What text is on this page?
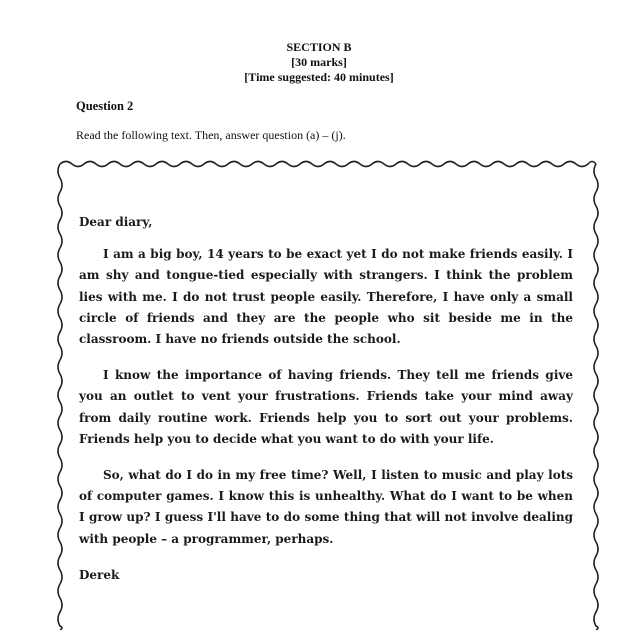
SECTION B
[30 marks]
[Time suggested: 40 minutes]
Question 2
Read the following text. Then, answer question (a) – (j).

Dear diary,

I am a big boy, 14 years to be exact yet I do not make friends easily. I am shy and tongue-tied especially with strangers. I think the problem lies with me. I do not trust people easily. Therefore, I have only a small circle of friends and they are the people who sit beside me in the classroom. I have no friends outside the school.

I know the importance of having friends. They tell me friends give you an outlet to vent your frustrations. Friends take your mind away from daily routine work. Friends help you to sort out your problems. Friends help you to decide what you want to do with your life.

So, what do I do in my free time? Well, I listen to music and play lots of computer games. I know this is unhealthy. What do I want to be when I grow up? I guess I'll have to do some thing that will not involve dealing with people – a programmer, perhaps.

Derek
